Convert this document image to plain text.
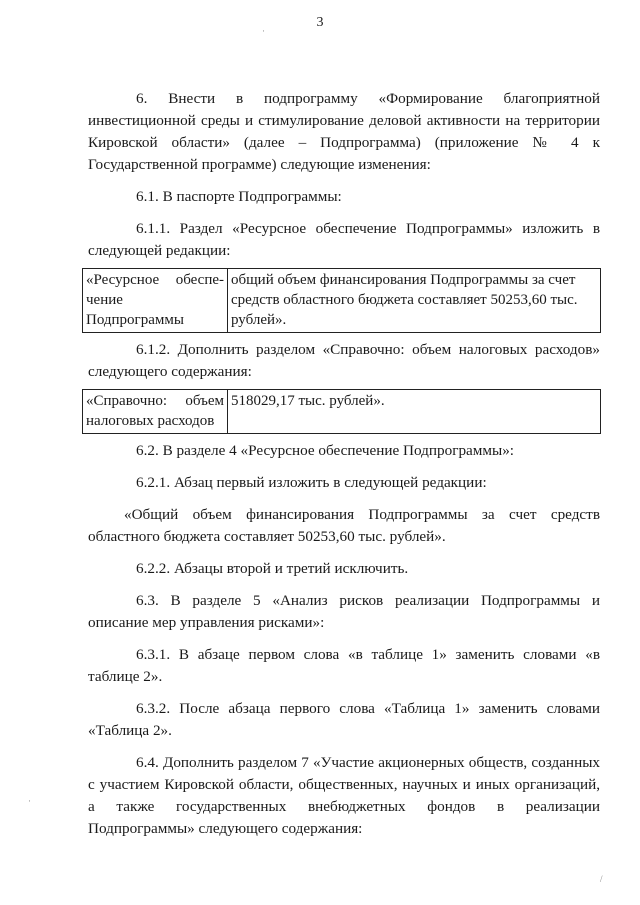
3

6. Внести в подпрограмму «Формирование благоприятной инвестиционной среды и стимулирование деловой активности на территории Кировской области» (далее – Подпрограмма) (приложение № 4 к Государственной программе) следующие изменения:

6.1. В паспорте Подпрограммы:

6.1.1. Раздел «Ресурсное обеспечение Подпрограммы» изложить в следующей редакции:

«Ресурсное обеспе-
чение Подпрограммы	общий объем финансирования Подпрограммы за счет средств областного бюджета составляет 50253,60 тыс. рублей».

6.1.2. Дополнить разделом «Справочно: объем налоговых расходов» следующего содержания:

«Справочно: объем
налоговых расходов	518029,17 тыс. рублей».

6.2. В разделе 4 «Ресурсное обеспечение Подпрограммы»:

6.2.1. Абзац первый изложить в следующей редакции:

«Общий объем финансирования Подпрограммы за счет средств областного бюджета составляет 50253,60 тыс. рублей».

6.2.2. Абзацы второй и третий исключить.

6.3. В разделе 5 «Анализ рисков реализации Подпрограммы и описание мер управления рисками»:

6.3.1. В абзаце первом слова «в таблице 1» заменить словами «в таблице 2».

6.3.2. После абзаца первого слова «Таблица 1» заменить словами «Таблица 2».

6.4. Дополнить разделом 7 «Участие акционерных обществ, созданных с участием Кировской области, общественных, научных и иных организаций, а также государственных внебюджетных фондов в реализации Подпрограммы» следующего содержания:

·
·
/
